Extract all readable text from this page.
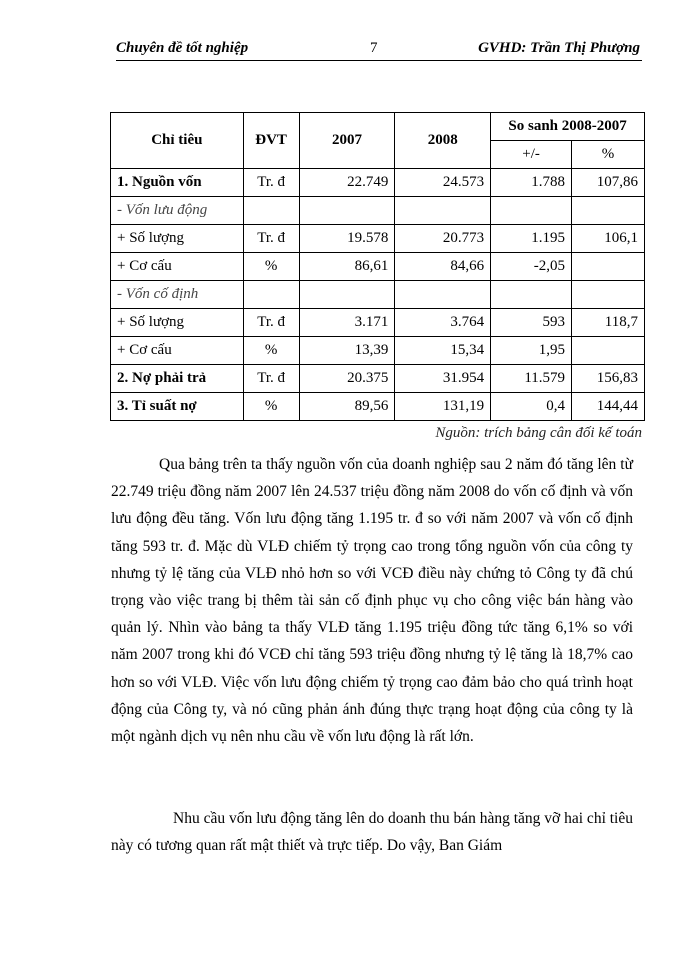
Chuyên đề tốt nghiệp	7	GVHD: Trần Thị Phượng
Chỉ tiêu	ĐVT	2007	2008	So sanh 2008-2007	
				+/-	%
1. Nguồn vốn	Tr. đ	22.749	24.573	1.788	107,86
- Vốn lưu động					
+ Số lượng	Tr. đ	19.578	20.773	1.195	106,1
+ Cơ cấu	%	86,61	84,66	-2,05	
- Vốn cố định					
+ Số lượng	Tr. đ	3.171	3.764	593	118,7
+ Cơ cấu	%	13,39	15,34	1,95	
2. Nợ phải trả	Tr. đ	20.375	31.954	11.579	156,83
3. Tỉ suất nợ	%	89,56	131,19	0,4	144,44
Nguồn: trích bảng cân đối kế toán

Qua bảng trên ta thấy nguồn vốn của doanh nghiệp sau 2 năm đó tăng lên từ 22.749 triệu đồng năm 2007 lên 24.537 triệu đồng năm 2008 do vốn cố định và vốn lưu động đều tăng. Vốn lưu động tăng 1.195 tr. đ so với năm 2007 và vốn cố định tăng 593 tr. đ. Mặc dù VLĐ chiếm tỷ trọng cao trong tổng nguồn vốn của công ty nhưng tỷ lệ tăng của VLĐ nhỏ hơn so với VCĐ điều này chứng tỏ Công ty đã chú trọng vào việc trang bị thêm tài sản cố định phục vụ cho công việc bán hàng vào quản lý. Nhìn vào bảng ta thấy VLĐ tăng 1.195 triệu đồng tức tăng 6,1% so với năm 2007 trong khi đó VCĐ chỉ tăng 593 triệu đồng nhưng tỷ lệ tăng là 18,7% cao hơn so với VLĐ. Việc vốn lưu động chiếm tỷ trọng cao đảm bảo cho quá trình hoạt động của Công ty, và nó cũng phản ánh đúng thực trạng hoạt động của công ty là một ngành dịch vụ nên nhu cầu về vốn lưu động là rất lớn.

Nhu cầu vốn lưu động tăng lên do doanh thu bán hàng tăng vỡ hai chỉ tiêu này có tương quan rất mật thiết và trực tiếp. Do vậy, Ban Giám
